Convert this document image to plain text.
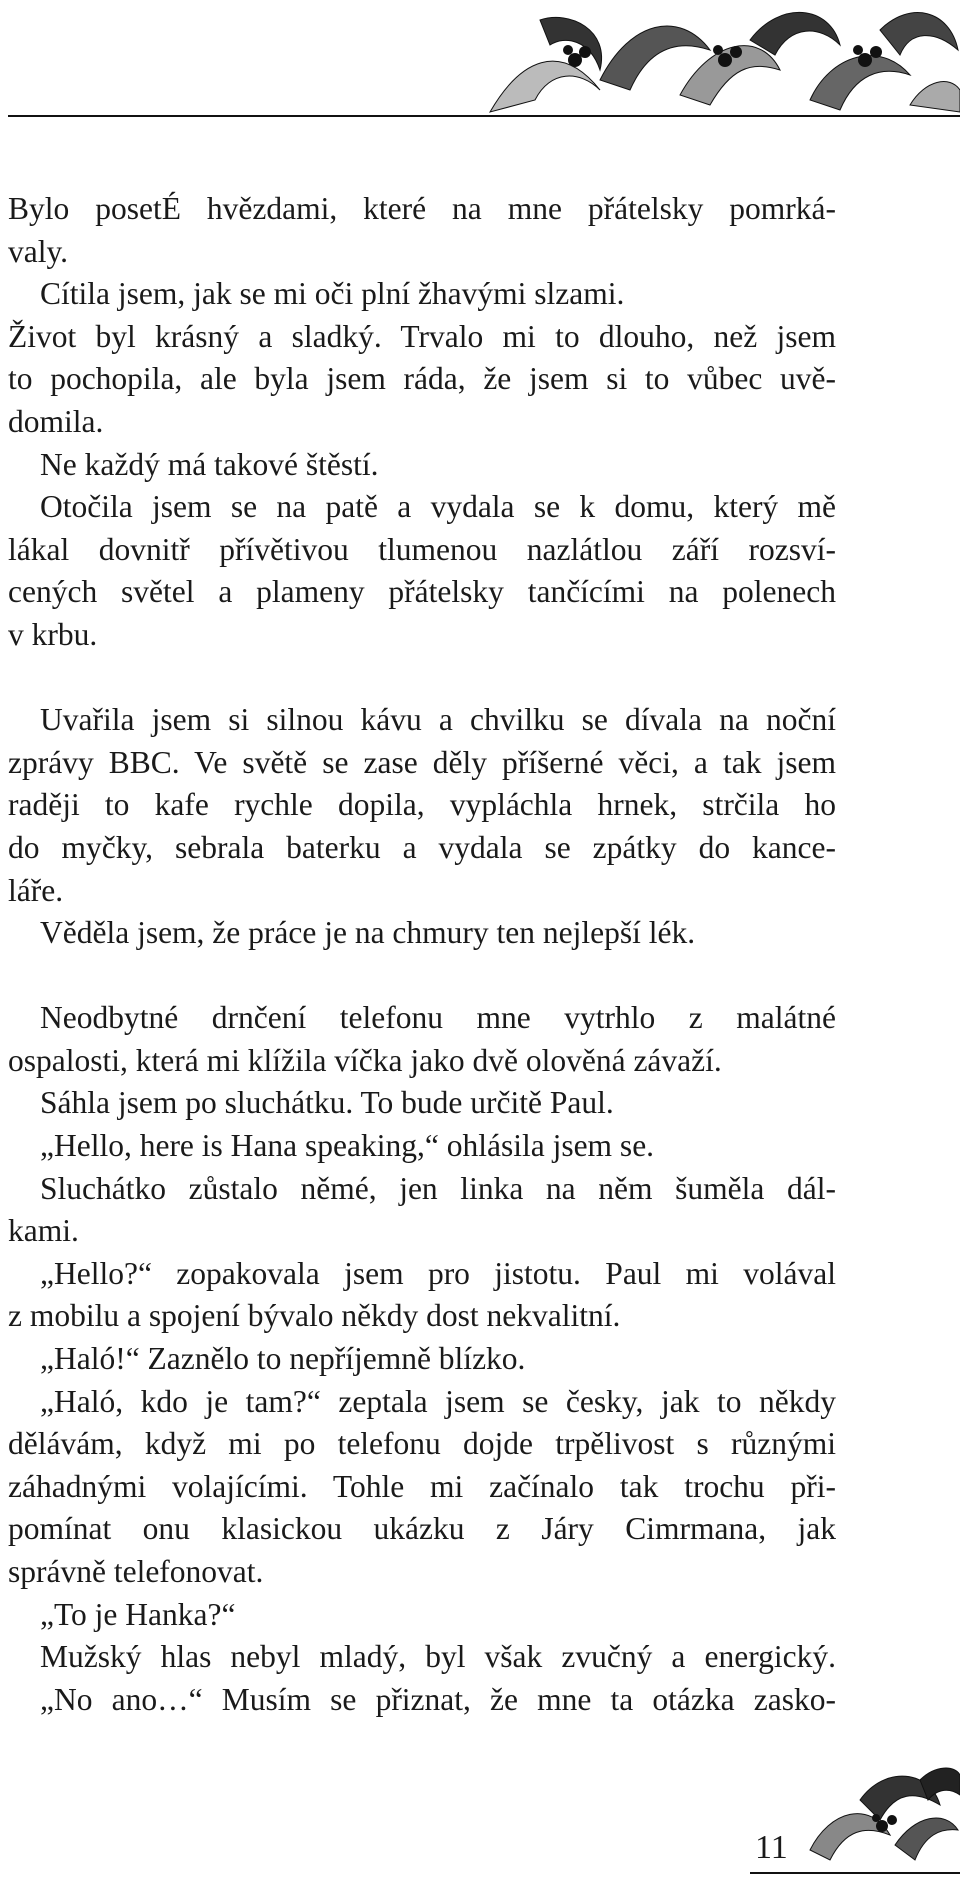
Bylo posetÉ hvězdami, které na mne přátelsky pomrká-
valy.
Cítila jsem, jak se mi oči plní žhavými slzami.
Život byl krásný a sladký. Trvalo mi to dlouho, než jsem
to pochopila, ale byla jsem ráda, že jsem si to vůbec uvě-
domila.
Ne každý má takové štěstí.
Otočila jsem se na patě a vydala se k domu, který mě
lákal dovnitř přívětivou tlumenou nazlátlou září rozsví-
cených světel a plameny přátelsky tančícími na polenech
v krbu.
Uvařila jsem si silnou kávu a chvilku se dívala na noční
zprávy BBC. Ve světě se zase děly příšerné věci, a tak jsem
raději to kafe rychle dopila, vypláchla hrnek, strčila ho
do myčky, sebrala baterku a vydala se zpátky do kance-
láře.
Věděla jsem, že práce je na chmury ten nejlepší lék.
Neodbytné drnčení telefonu mne vytrhlo z malátné
ospalosti, která mi klížila víčka jako dvě olověná závaží.
Sáhla jsem po sluchátku. To bude určitě Paul.
„Hello, here is Hana speaking,“ ohlásila jsem se.
Sluchátko zůstalo němé, jen linka na něm šuměla dál-
kami.
„Hello?“ zopakovala jsem pro jistotu. Paul mi volával
z mobilu a spojení bývalo někdy dost nekvalitní.
„Haló!“ Zaznělo to nepříjemně blízko.
„Haló, kdo je tam?“ zeptala jsem se česky, jak to někdy
dělávám, když mi po telefonu dojde trpělivost s různými
záhadnými volajícími. Tohle mi začínalo tak trochu při-
pomínat onu klasickou ukázku z Járy Cimrmana, jak
správně telefonovat.
„To je Hanka?“
Mužský hlas nebyl mladý, byl však zvučný a energický.
„No ano…“ Musím se přiznat, že mne ta otázka zasko-
11
